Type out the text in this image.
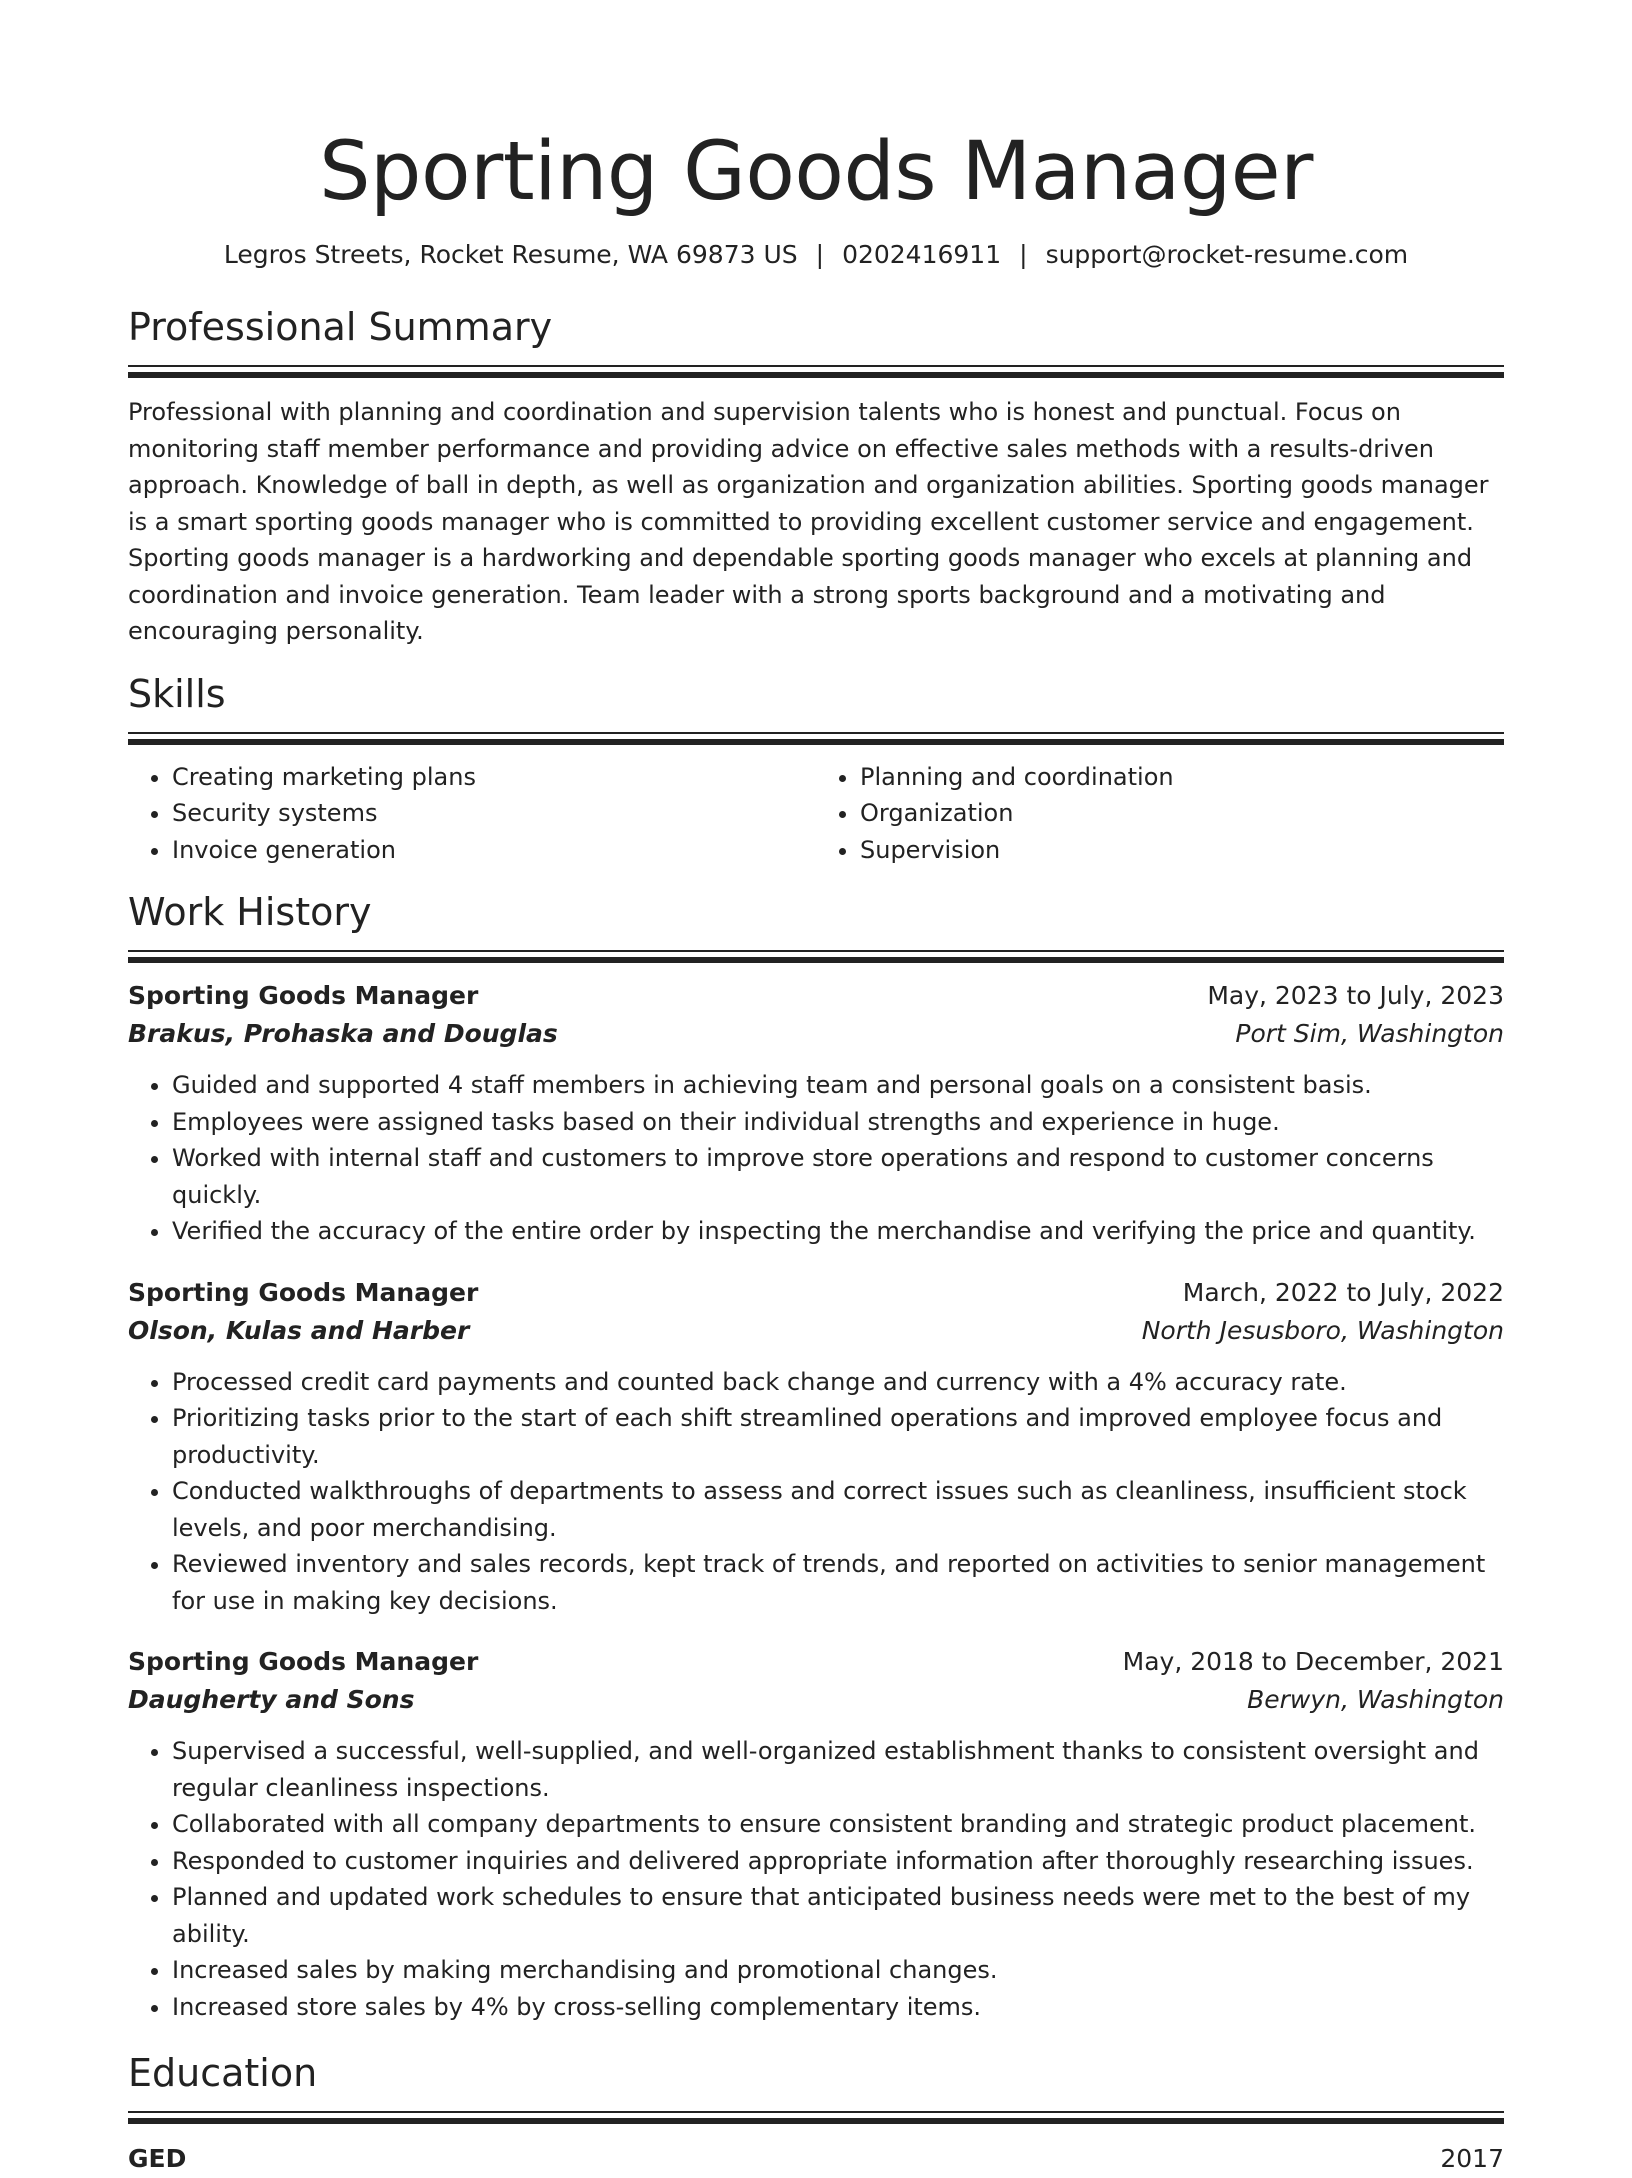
Sporting Goods Manager
Legros Streets, Rocket Resume, WA 69873 US | 0202416911 | support@rocket-resume.com
Professional Summary
Professional with planning and coordination and supervision talents who is honest and punctual. Focus on monitoring staff member performance and providing advice on effective sales methods with a results-driven approach. Knowledge of ball in depth, as well as organization and organization abilities. Sporting goods manager is a smart sporting goods manager who is committed to providing excellent customer service and engagement. Sporting goods manager is a hardworking and dependable sporting goods manager who excels at planning and coordination and invoice generation. Team leader with a strong sports background and a motivating and encouraging personality.
Skills
• Creating marketing plans
• Security systems
• Invoice generation
• Planning and coordination
• Organization
• Supervision
Work History
Sporting Goods Manager	May, 2023 to July, 2023
Brakus, Prohaska and Douglas	Port Sim, Washington
• Guided and supported 4 staff members in achieving team and personal goals on a consistent basis.
• Employees were assigned tasks based on their individual strengths and experience in huge.
• Worked with internal staff and customers to improve store operations and respond to customer concerns quickly.
• Verified the accuracy of the entire order by inspecting the merchandise and verifying the price and quantity.
Sporting Goods Manager	March, 2022 to July, 2022
Olson, Kulas and Harber	North Jesusboro, Washington
• Processed credit card payments and counted back change and currency with a 4% accuracy rate.
• Prioritizing tasks prior to the start of each shift streamlined operations and improved employee focus and productivity.
• Conducted walkthroughs of departments to assess and correct issues such as cleanliness, insufficient stock levels, and poor merchandising.
• Reviewed inventory and sales records, kept track of trends, and reported on activities to senior management for use in making key decisions.
Sporting Goods Manager	May, 2018 to December, 2021
Daugherty and Sons	Berwyn, Washington
• Supervised a successful, well-supplied, and well-organized establishment thanks to consistent oversight and regular cleanliness inspections.
• Collaborated with all company departments to ensure consistent branding and strategic product placement.
• Responded to customer inquiries and delivered appropriate information after thoroughly researching issues.
• Planned and updated work schedules to ensure that anticipated business needs were met to the best of my ability.
• Increased sales by making merchandising and promotional changes.
• Increased store sales by 4% by cross-selling complementary items.
Education
GED	2017
